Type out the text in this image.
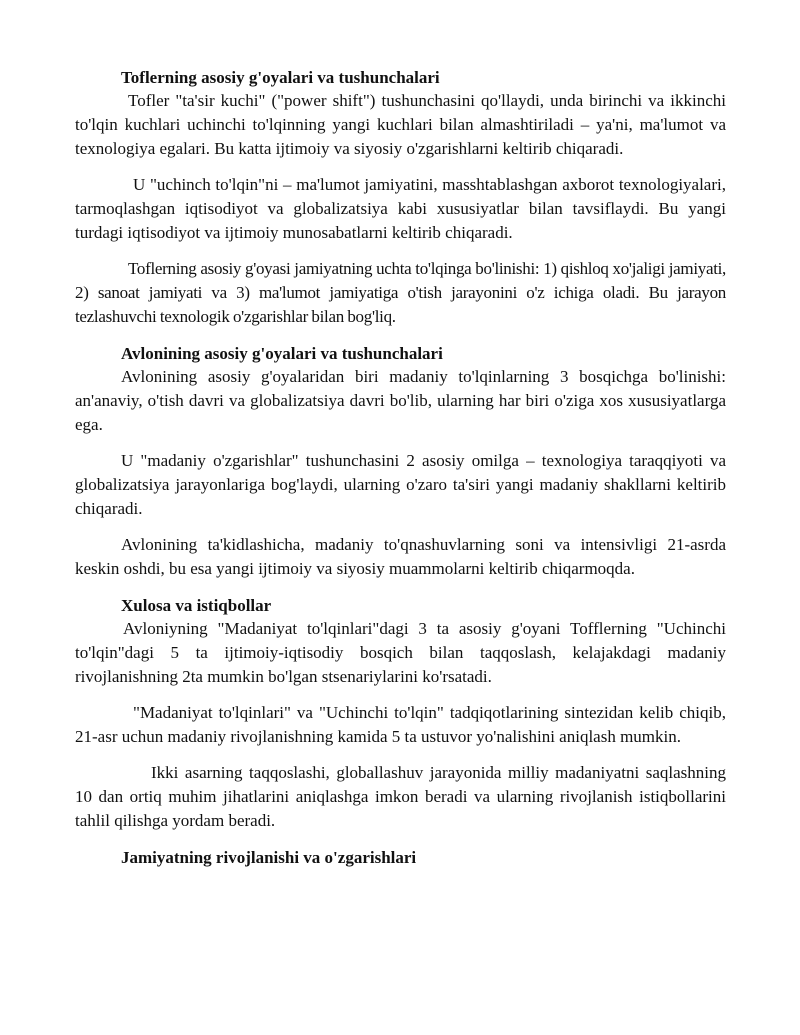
Toflerning asosiy g'oyalari va tushunchalari

Tofler "ta'sir kuchi" ("power shift") tushunchasini qo'llaydi, unda birinchi va ikkinchi to'lqin kuchlari uchinchi to'lqinning yangi kuchlari bilan almashtiriladi – ya'ni, ma'lumot va texnologiya egalari. Bu katta ijtimoiy va siyosiy o'zgarishlarni keltirib chiqaradi.

U "uchinch to'lqin"ni – ma'lumot jamiyatini, masshtablashgan axborot texnologiyalari, tarmoqlashgan iqtisodiyot va globalizatsiya kabi xususiyatlar bilan tavsiflaydi. Bu yangi turdagi iqtisodiyot va ijtimoiy munosabatlarni keltirib chiqaradi.

Toflerning asosiy g'oyasi jamiyatning uchta to'lqinga bo'linishi: 1) qishloq xo'jaligi jamiyati, 2) sanoat jamiyati va 3) ma'lumot jamiyatiga o'tish jarayonini o'z ichiga oladi. Bu jarayon tezlashuvchi texnologik o'zgarishlar bilan bog'liq.

Avlonining asosiy g'oyalari va tushunchalari

Avlonining asosiy g'oyalaridan biri madaniy to'lqinlarning 3 bosqichga bo'linishi: an'anaviy, o'tish davri va globalizatsiya davri bo'lib, ularning har biri o'ziga xos xususiyatlarga ega.

U "madaniy o'zgarishlar" tushunchasini 2 asosiy omilga – texnologiya taraqqiyoti va globalizatsiya jarayonlariga bog'laydi, ularning o'zaro ta'siri yangi madaniy shakllarni keltirib chiqaradi.

Avlonining ta'kidlashicha, madaniy to'qnashuvlarning soni va intensivligi 21-asrda keskin oshdi, bu esa yangi ijtimoiy va siyosiy muammolarni keltirib chiqarmoqda.

Xulosa va istiqbollar

Avloniyning "Madaniyat to'lqinlari"dagi 3 ta asosiy g'oyani Tofflerning "Uchinchi to'lqin"dagi 5 ta ijtimoiy-iqtisodiy bosqich bilan taqqoslash, kelajakdagi madaniy rivojlanishning 2ta mumkin bo'lgan stsenariylarini ko'rsatadi.

"Madaniyat to'lqinlari" va "Uchinchi to'lqin" tadqiqotlarining sintezidan kelib chiqib, 21-asr uchun madaniy rivojlanishning kamida 5 ta ustuvor yo'nalishini aniqlash mumkin.

Ikki asarning taqqoslashi, globallashuv jarayonida milliy madaniyatni saqlashning 10 dan ortiq muhim jihatlarini aniqlashga imkon beradi va ularning rivojlanish istiqbollarini tahlil qilishga yordam beradi.

Jamiyatning rivojlanishi va o'zgarishlari
